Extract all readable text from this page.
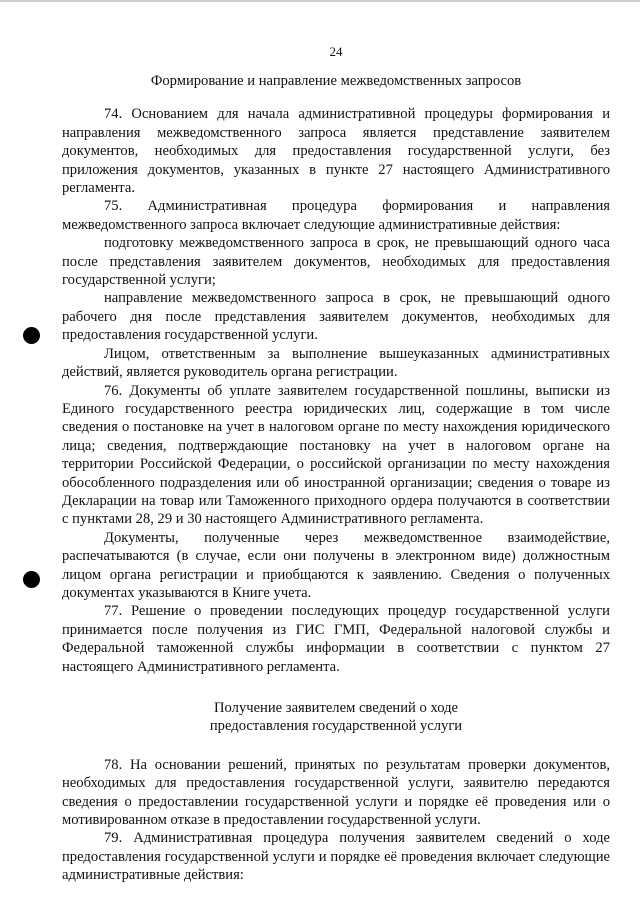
24
Формирование и направление межведомственных запросов

74. Основанием для начала административной процедуры формирования и направления межведомственного запроса является представление заявителем документов, необходимых для предоставления государственной услуги, без приложения документов, указанных в пункте 27 настоящего Административного регламента.

75. Административная процедура формирования и направления межведомственного запроса включает следующие административные действия:

подготовку межведомственного запроса в срок, не превышающий одного часа после представления заявителем документов, необходимых для предоставления государственной услуги;

направление межведомственного запроса в срок, не превышающий одного рабочего дня после представления заявителем документов, необходимых для предоставления государственной услуги.

Лицом, ответственным за выполнение вышеуказанных административных действий, является руководитель органа регистрации.

76. Документы об уплате заявителем государственной пошлины, выписки из Единого государственного реестра юридических лиц, содержащие в том числе сведения о постановке на учет в налоговом органе по месту нахождения юридического лица; сведения, подтверждающие постановку на учет в налоговом органе на территории Российской Федерации, о российской организации по месту нахождения обособленного подразделения или об иностранной организации; сведения о товаре из Декларации на товар или Таможенного приходного ордера получаются в соответствии с пунктами 28, 29 и 30 настоящего Административного регламента.

Документы, полученные через межведомственное взаимодействие, распечатываются (в случае, если они получены в электронном виде) должностным лицом органа регистрации и приобщаются к заявлению. Сведения о полученных документах указываются в Книге учета.

77. Решение о проведении последующих процедур государственной услуги принимается после получения из ГИС ГМП, Федеральной налоговой службы и Федеральной таможенной службы информации в соответствии с пунктом 27 настоящего Административного регламента.

Получение заявителем сведений о ходе
предоставления государственной услуги

78. На основании решений, принятых по результатам проверки документов, необходимых для предоставления государственной услуги, заявителю передаются сведения о предоставлении государственной услуги и порядке её проведения или о мотивированном отказе в предоставлении государственной услуги.

79. Административная процедура получения заявителем сведений о ходе предоставления государственной услуги и порядке её проведения включает следующие административные действия:
